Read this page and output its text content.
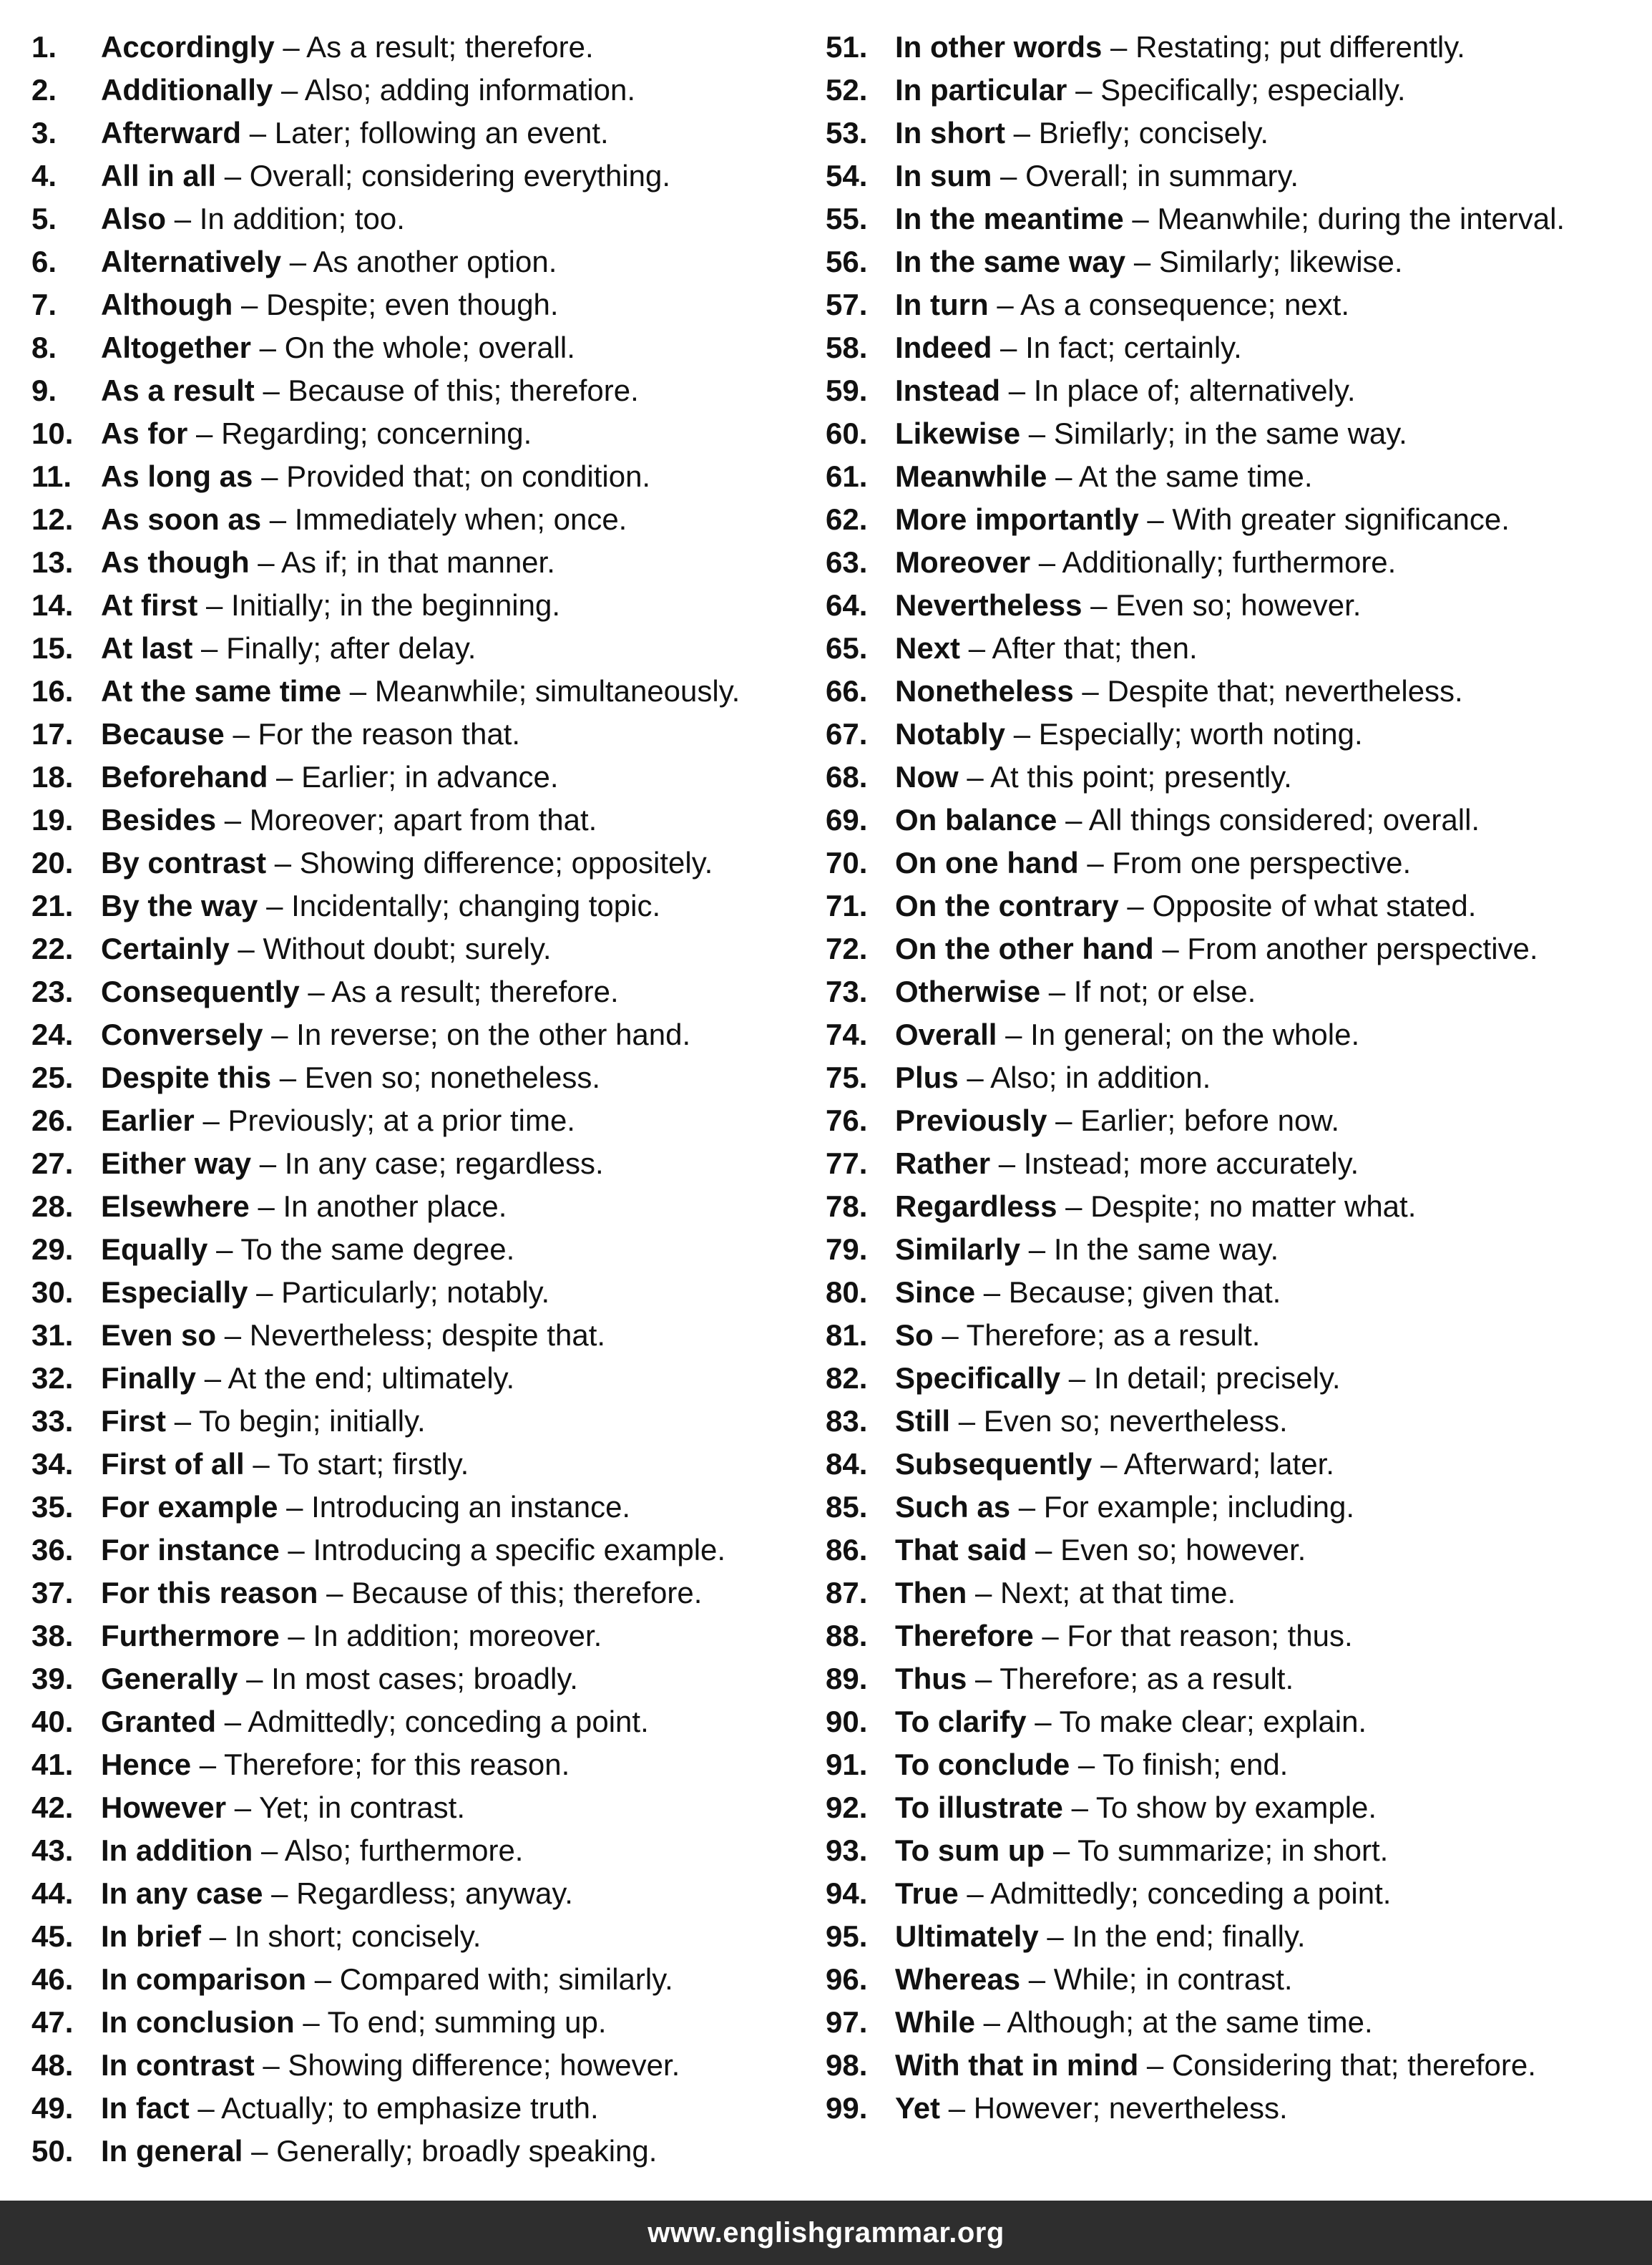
1.	Accordingly – As a result; therefore.
2.	Additionally – Also; adding information.
3.	Afterward – Later; following an event.
4.	All in all – Overall; considering everything.
5.	Also – In addition; too.
6.	Alternatively – As another option.
7.	Although – Despite; even though.
8.	Altogether – On the whole; overall.
9.	As a result – Because of this; therefore.
10. As for – Regarding; concerning.
11. As long as – Provided that; on condition.
12. As soon as – Immediately when; once.
13. As though – As if; in that manner.
14. At first – Initially; in the beginning.
15. At last – Finally; after delay.
16. At the same time – Meanwhile; simultaneously.
17. Because – For the reason that.
18. Beforehand – Earlier; in advance.
19. Besides – Moreover; apart from that.
20. By contrast – Showing difference; oppositely.
21. By the way – Incidentally; changing topic.
22. Certainly – Without doubt; surely.
23. Consequently – As a result; therefore.
24. Conversely – In reverse; on the other hand.
25. Despite this – Even so; nonetheless.
26. Earlier – Previously; at a prior time.
27. Either way – In any case; regardless.
28. Elsewhere – In another place.
29. Equally – To the same degree.
30. Especially – Particularly; notably.
31. Even so – Nevertheless; despite that.
32. Finally – At the end; ultimately.
33. First – To begin; initially.
34. First of all – To start; firstly.
35. For example – Introducing an instance.
36. For instance – Introducing a specific example.
37. For this reason – Because of this; therefore.
38. Furthermore – In addition; moreover.
39. Generally – In most cases; broadly.
40. Granted – Admittedly; conceding a point.
41. Hence – Therefore; for this reason.
42. However – Yet; in contrast.
43. In addition – Also; furthermore.
44. In any case – Regardless; anyway.
45. In brief – In short; concisely.
46. In comparison – Compared with; similarly.
47. In conclusion – To end; summing up.
48. In contrast – Showing difference; however.
49. In fact – Actually; to emphasize truth.
50. In general – Generally; broadly speaking.
51. In other words – Restating; put differently.
52. In particular – Specifically; especially.
53. In short – Briefly; concisely.
54. In sum – Overall; in summary.
55. In the meantime – Meanwhile; during the interval.
56. In the same way – Similarly; likewise.
57. In turn – As a consequence; next.
58. Indeed – In fact; certainly.
59. Instead – In place of; alternatively.
60. Likewise – Similarly; in the same way.
61. Meanwhile – At the same time.
62. More importantly – With greater significance.
63. Moreover – Additionally; furthermore.
64. Nevertheless – Even so; however.
65. Next – After that; then.
66. Nonetheless – Despite that; nevertheless.
67. Notably – Especially; worth noting.
68. Now – At this point; presently.
69. On balance – All things considered; overall.
70. On one hand – From one perspective.
71. On the contrary – Opposite of what stated.
72. On the other hand – From another perspective.
73. Otherwise – If not; or else.
74. Overall – In general; on the whole.
75. Plus – Also; in addition.
76. Previously – Earlier; before now.
77. Rather – Instead; more accurately.
78. Regardless – Despite; no matter what.
79. Similarly – In the same way.
80. Since – Because; given that.
81. So – Therefore; as a result.
82. Specifically – In detail; precisely.
83. Still – Even so; nevertheless.
84. Subsequently – Afterward; later.
85. Such as – For example; including.
86. That said – Even so; however.
87. Then – Next; at that time.
88. Therefore – For that reason; thus.
89. Thus – Therefore; as a result.
90. To clarify – To make clear; explain.
91. To conclude – To finish; end.
92. To illustrate – To show by example.
93. To sum up – To summarize; in short.
94. True – Admittedly; conceding a point.
95. Ultimately – In the end; finally.
96. Whereas – While; in contrast.
97. While – Although; at the same time.
98. With that in mind – Considering that; therefore.
99. Yet – However; nevertheless.
www.englishgrammar.org
